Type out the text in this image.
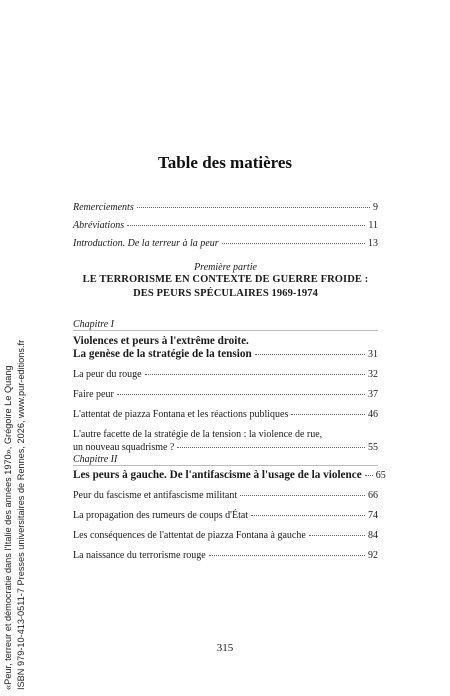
«Peur, terreur et démocratie dans l'Italie des années 1970», Grégoire Le Quang ISBN 979-10-413-0511-7 Presses universitaires de Rennes, 2026, www.pur-editions.fr
Table des matières
Remerciements	9
Abréviations	11
Introduction. De la terreur à la peur	13
Première partie
LE TERRORISME EN CONTEXTE DE GUERRE FROIDE :
DES PEURS SPÉCULAIRES 1969-1974
Chapitre I
Violences et peurs à l'extrême droite.
La genèse de la stratégie de la tension	31
La peur du rouge	32
Faire peur	37
L'attentat de piazza Fontana et les réactions publiques	46
L'autre facette de la stratégie de la tension : la violence de rue,
un nouveau squadrisme ?	55
Chapitre II
Les peurs à gauche. De l'antifascisme à l'usage de la violence 65
Peur du fascisme et antifascisme militant	66
La propagation des rumeurs de coups d'État	74
Les conséquences de l'attentat de piazza Fontana à gauche	84
La naissance du terrorisme rouge	92
315
